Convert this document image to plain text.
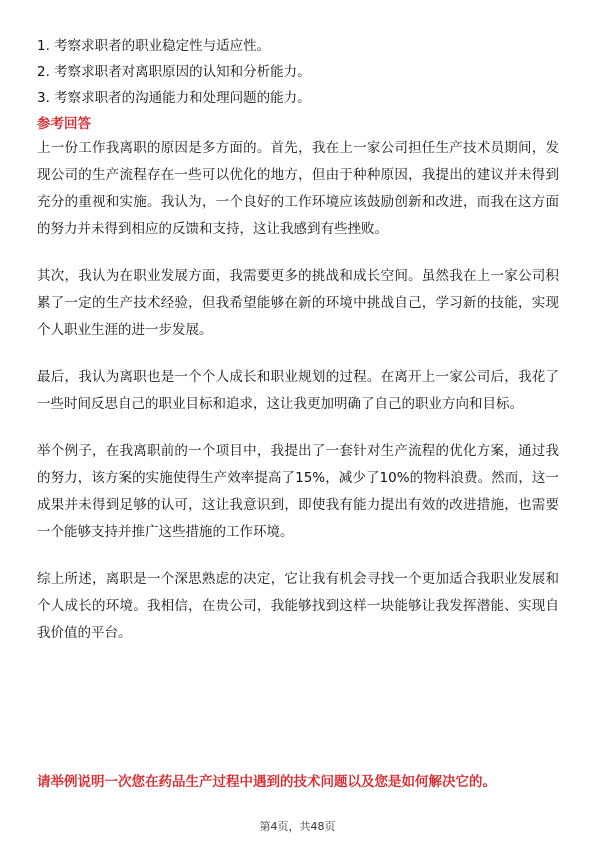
1. 考察求职者的职业稳定性与适应性。
2. 考察求职者对离职原因的认知和分析能力。
3. 考察求职者的沟通能力和处理问题的能力。
参考回答

上一份工作我离职的原因是多方面的。首先，我在上一家公司担任生产技术员期间，发现公司的生产流程存在一些可以优化的地方，但由于种种原因，我提出的建议并未得到充分的重视和实施。我认为，一个良好的工作环境应该鼓励创新和改进，而我在这方面的努力并未得到相应的反馈和支持，这让我感到有些挫败。

其次，我认为在职业发展方面，我需要更多的挑战和成长空间。虽然我在上一家公司积累了一定的生产技术经验，但我希望能够在新的环境中挑战自己，学习新的技能，实现个人职业生涯的进一步发展。

最后，我认为离职也是一个个人成长和职业规划的过程。在离开上一家公司后，我花了一些时间反思自己的职业目标和追求，这让我更加明确了自己的职业方向和目标。

举个例子，在我离职前的一个项目中，我提出了一套针对生产流程的优化方案，通过我的努力，该方案的实施使得生产效率提高了15%，减少了10%的物料浪费。然而，这一成果并未得到足够的认可，这让我意识到，即使我有能力提出有效的改进措施，也需要一个能够支持并推广这些措施的工作环境。

综上所述，离职是一个深思熟虑的决定，它让我有机会寻找一个更加适合我职业发展和个人成长的环境。我相信，在贵公司，我能够找到这样一块能够让我发挥潜能、实现自我价值的平台。

请举例说明一次您在药品生产过程中遇到的技术问题以及您是如何解决它的。
第4页，共48页
